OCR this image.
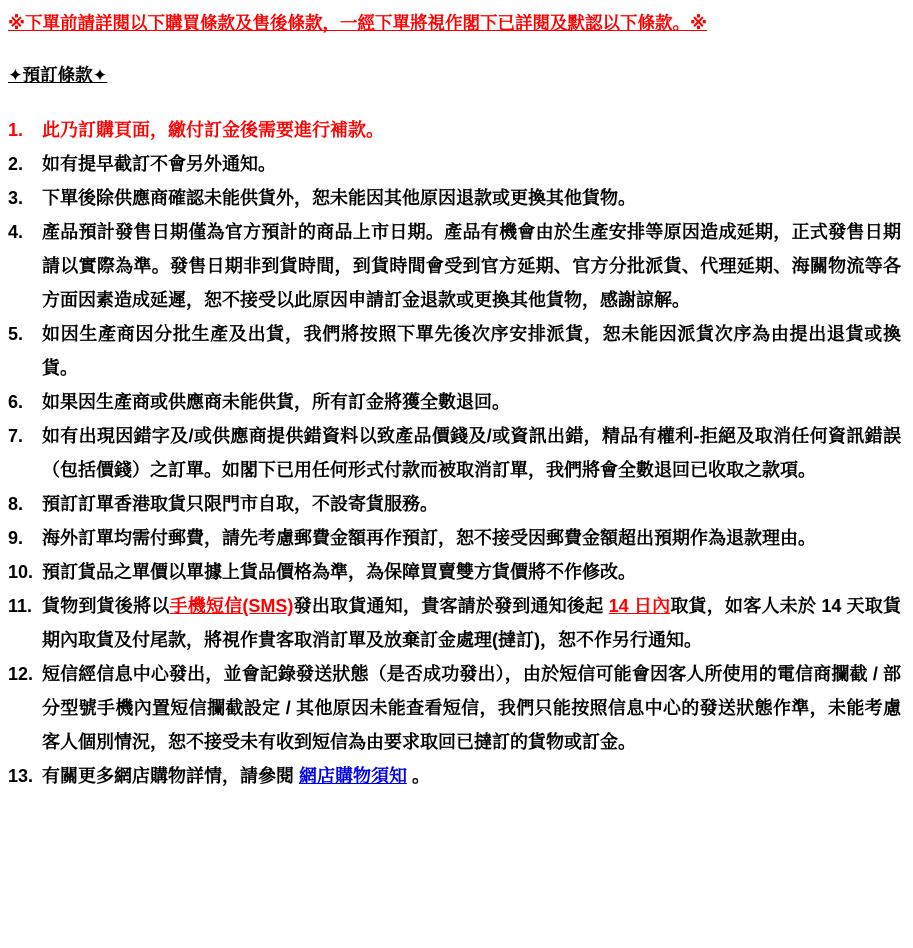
※下單前請詳閱以下購買條款及售後條款，一經下單將視作閣下已詳閱及默認以下條款。※
✦預訂條款✦
1.	此乃訂購頁面，繳付訂金後需要進行補款。
2.	如有提早截訂不會另外通知。
3.	下單後除供應商確認未能供貨外，恕未能因其他原因退款或更換其他貨物。
4.	產品預計發售日期僅為官方預計的商品上市日期。產品有機會由於生產安排等原因造成延期，正式發售日期請以實際為準。發售日期非到貨時間，到貨時間會受到官方延期、官方分批派貨、代理延期、海關物流等各方面因素造成延遲，恕不接受以此原因申請訂金退款或更換其他貨物，感謝諒解。
5.	如因生產商因分批生產及出貨，我們將按照下單先後次序安排派貨，恕未能因派貨次序為由提出退貨或換貨。
6.	如果因生產商或供應商未能供貨，所有訂金將獲全數退回。
7.	如有出現因錯字及/或供應商提供錯資料以致產品價錢及/或資訊出錯，精品有權利-拒絕及取消任何資訊錯誤（包括價錢）之訂單。如閣下已用任何形式付款而被取消訂單，我們將會全數退回已收取之款項。
8.	預訂訂單香港取貨只限門市自取，不設寄貨服務。
9.	海外訂單均需付郵費，請先考慮郵費金額再作預訂，恕不接受因郵費金額超出預期作為退款理由。
10. 預訂貨品之單價以單據上貨品價格為準，為保障買賣雙方貨價將不作修改。
11. 貨物到貨後將以手機短信(SMS)發出取貨通知，貴客請於發到通知後起 14 日內取貨，如客人未於 14 天取貨期內取貨及付尾款，將視作貴客取消訂單及放棄訂金處理(撻訂)，恕不作另行通知。
12. 短信經信息中心發出，並會記錄發送狀態（是否成功發出），由於短信可能會因客人所使用的電信商攔截 / 部分型號手機內置短信攔截設定 / 其他原因未能查看短信，我們只能按照信息中心的發送狀態作準，未能考慮客人個別情況，恕不接受未有收到短信為由要求取回已撻訂的貨物或訂金。
13. 有關更多網店購物詳情，請參閱 網店購物須知 。
